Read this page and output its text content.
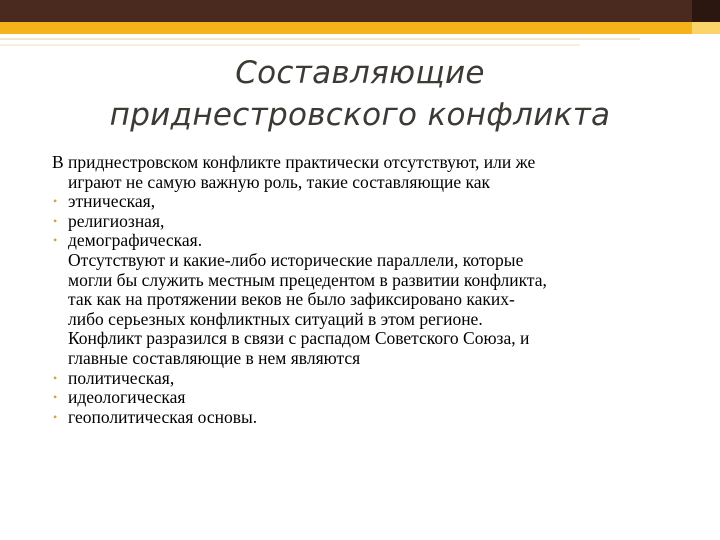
Составляющие
приднестровского конфликта
В приднестровском конфликте практически отсутствуют, или же
играют не самую важную роль, такие составляющие как
• этническая,
• религиозная,
• демографическая.
Отсутствуют и какие-либо исторические параллели, которые
могли бы служить местным прецедентом в развитии конфликта,
так как на протяжении веков не было зафиксировано каких-
либо серьезных конфликтных ситуаций в этом регионе.
Конфликт разразился в связи с распадом Советского Союза, и
главные составляющие в нем являются
• политическая,
• идеологическая
• геополитическая основы.
